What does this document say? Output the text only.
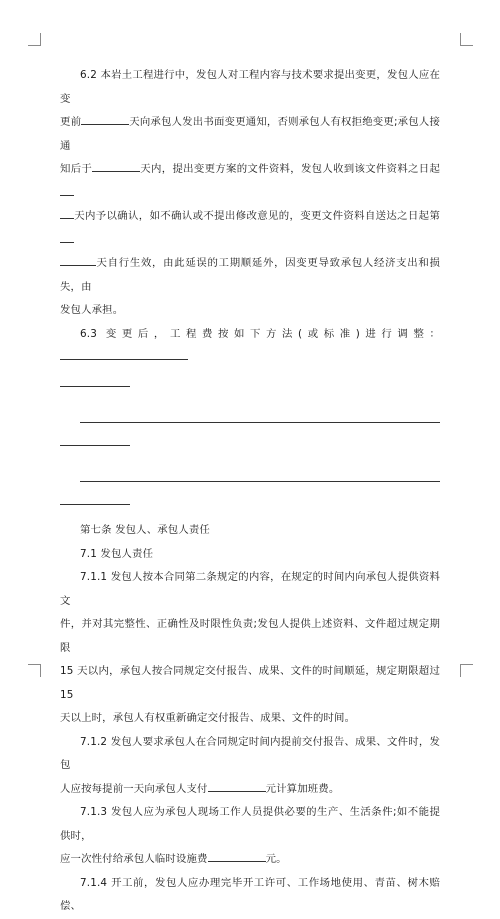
6.2 本岩土工程进行中，发包人对工程内容与技术要求提出变更，发包人应在变

更前	天向承包人发出书面变更通知，否则承包人有权拒绝变更;承包人接通

知后于	天内，提出变更方案的文件资料，发包人收到该文件资料之日起

天内予以确认，如不确认或不提出修改意见的，变更文件资料自送达之日起第

天自行生效，由此延误的工期顺延外，因变更导致承包人经济支出和损失，由

发包人承担。

6.3 变更后，工程费按如下方法(或标准)进行调整：

第七条 发包人、承包人责任

7.1 发包人责任

7.1.1 发包人按本合同第二条规定的内容，在规定的时间内向承包人提供资料文

件，并对其完整性、正确性及时限性负责;发包人提供上述资料、文件超过规定期限

15 天以内，承包人按合同规定交付报告、成果、文件的时间顺延，规定期限超过 15

天以上时，承包人有权重新确定交付报告、成果、文件的时间。

7.1.2 发包人要求承包人在合同规定时间内提前交付报告、成果、文件时，发包

人应按每提前一天向承包人支付	元计算加班费。

7.1.3 发包人应为承包人现场工作人员提供必要的生产、生活条件;如不能提供时，

应一次性付给承包人临时设施费	元。

7.1.4 开工前，发包人应办理完毕开工许可、工作场地使用、青苗、树木赔偿、
